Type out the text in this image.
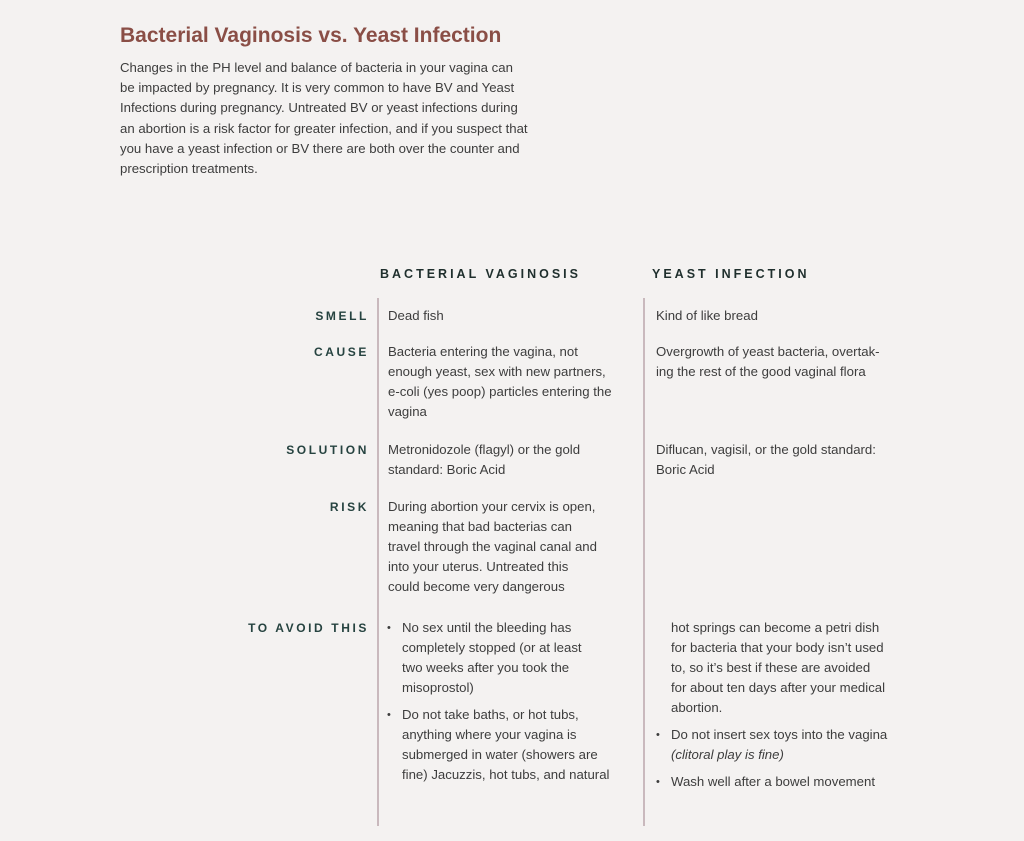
Bacterial Vaginosis vs. Yeast Infection

Changes in the PH level and balance of bacteria in your vagina can
be impacted by pregnancy. It is very common to have BV and Yeast
Infections during pregnancy. Untreated BV or yeast infections during
an abortion is a risk factor for greater infection, and if you suspect that
you have a yeast infection or BV there are both over the counter and
prescription treatments.

BACTERIAL VAGINOSIS	YEAST INFECTION
SMELL Dead fish	Kind of like bread
CAUSE Bacteria entering the vagina, not
enough yeast, sex with new partners,
e-coli (yes poop) particles entering the
vagina
Overgrowth of yeast bacteria, overtak-
ing the rest of the good vaginal flora
SOLUTION Metronidozole (flagyl) or the gold
standard: Boric Acid
Diflucan, vagisil, or the gold standard:
Boric Acid
RISK During abortion your cervix is open,
meaning that bad bacterias can
travel through the vaginal canal and
into your uterus. Untreated this
could become very dangerous
TO AVOID THIS • No sex until the bleeding has
completely stopped (or at least
two weeks after you took the
misoprostol)
• Do not take baths, or hot tubs,
anything where your vagina is
submerged in water (showers are
fine) Jacuzzis, hot tubs, and natural
hot springs can become a petri dish
for bacteria that your body isn’t used
to, so it’s best if these are avoided
for about ten days after your medical
abortion.
• Do not insert sex toys into the vagina
(clitoral play is fine)
• Wash well after a bowel movement
